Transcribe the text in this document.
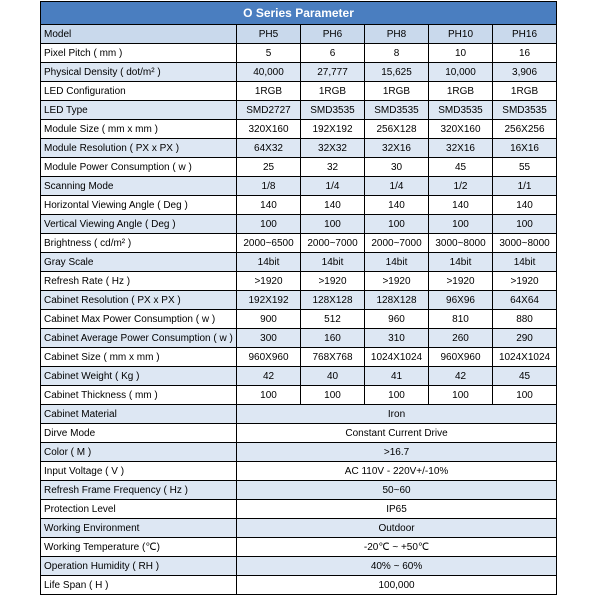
O Series Parameter					
Model	PH5	PH6	PH8	PH10	PH16
Pixel Pitch ( mm )	5	6	8	10	16
Physical Density ( dot/m² )	40,000	27,777	15,625	10,000	3,906
LED Configuration	1RGB	1RGB	1RGB	1RGB	1RGB
LED Type	SMD2727	SMD3535	SMD3535	SMD3535	SMD3535
Module Size ( mm x mm )	320X160	192X192	256X128	320X160	256X256
Module Resolution ( PX x PX )	64X32	32X32	32X16	32X16	16X16
Module Power Consumption ( w )	25	32	30	45	55
Scanning Mode	1/8	1/4	1/4	1/2	1/1
Horizontal Viewing Angle ( Deg )	140	140	140	140	140
Vertical Viewing Angle ( Deg )	100	100	100	100	100
Brightness ( cd/m² )	2000~6500	2000~7000	2000~7000	3000~8000	3000~8000
Gray Scale	14bit	14bit	14bit	14bit	14bit
Refresh Rate ( Hz )	>1920	>1920	>1920	>1920	>1920
Cabinet Resolution ( PX x PX )	192X192	128X128	128X128	96X96	64X64
Cabinet Max Power Consumption ( w )	900	512	960	810	880
Cabinet Average Power Consumption ( w )	300	160	310	260	290
Cabinet Size ( mm x mm )	960X960	768X768	1024X1024	960X960	1024X1024
Cabinet Weight ( Kg )	42	40	41	42	45
Cabinet Thickness ( mm )	100	100	100	100	100
Cabinet Material	Iron				
Dirve Mode	Constant Current Drive				
Color ( M )	>16.7				
Input Voltage ( V )	AC 110V - 220V+/-10%				
Refresh Frame Frequency ( Hz )	50~60				
Protection Level	IP65				
Working Environment	Outdoor				
Working Temperature (℃)	-20℃ ~ +50℃				
Operation Humidity ( RH )	40% ~ 60%				
Life Span ( H )	100,000				
